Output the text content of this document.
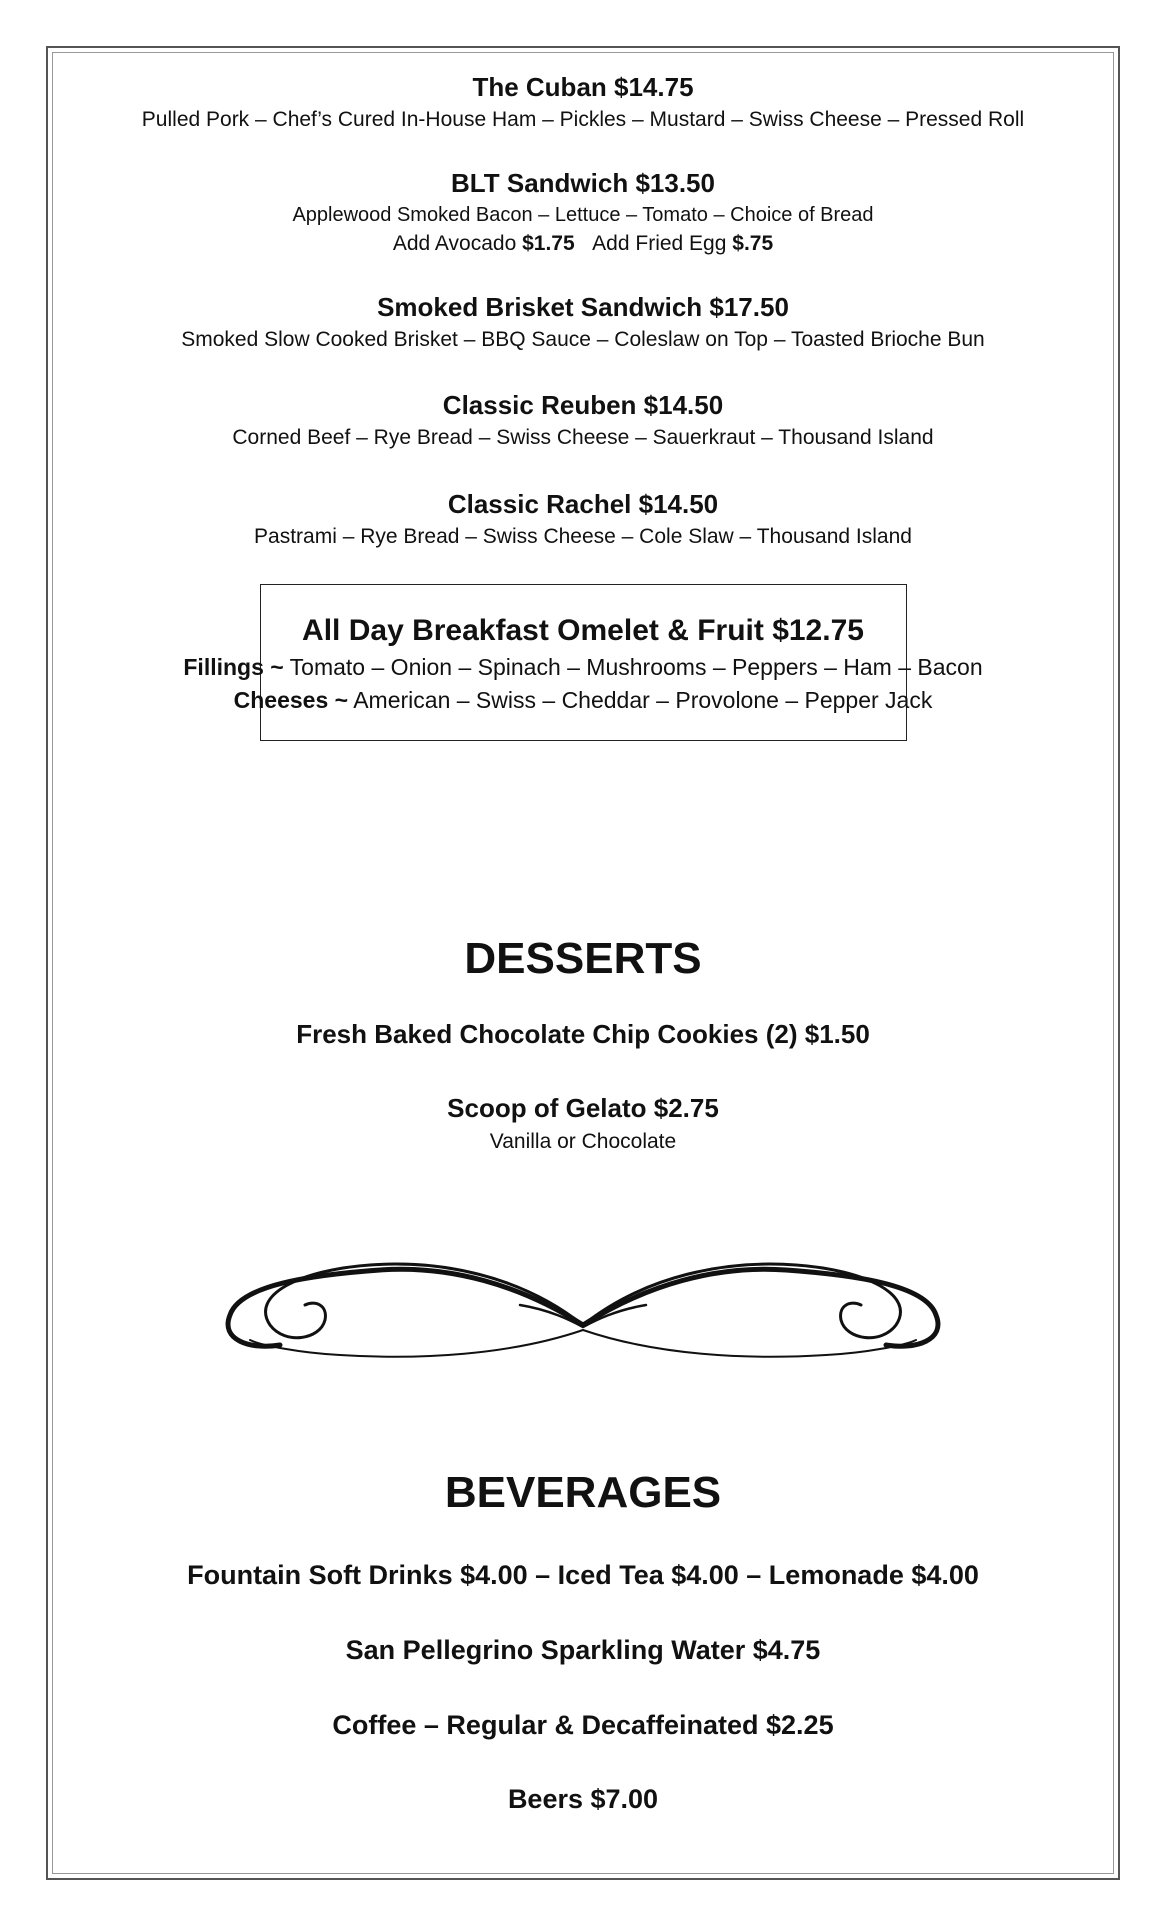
The Cuban $14.75
Pulled Pork – Chef’s Cured In-House Ham – Pickles – Mustard – Swiss Cheese – Pressed Roll
BLT Sandwich $13.50
Applewood Smoked Bacon – Lettuce – Tomato – Choice of Bread
Add Avocado $1.75 Add Fried Egg $.75
Smoked Brisket Sandwich $17.50
Smoked Slow Cooked Brisket – BBQ Sauce – Coleslaw on Top – Toasted Brioche Bun
Classic Reuben $14.50
Corned Beef – Rye Bread – Swiss Cheese – Sauerkraut – Thousand Island
Classic Rachel $14.50
Pastrami – Rye Bread – Swiss Cheese – Cole Slaw – Thousand Island
All Day Breakfast Omelet & Fruit $12.75
Fillings ~ Tomato – Onion – Spinach – Mushrooms – Peppers – Ham – Bacon
Cheeses ~ American – Swiss – Cheddar – Provolone – Pepper Jack
DESSERTS
Fresh Baked Chocolate Chip Cookies (2) $1.50
Scoop of Gelato $2.75
Vanilla or Chocolate
BEVERAGES
Fountain Soft Drinks $4.00 – Iced Tea $4.00 – Lemonade $4.00
San Pellegrino Sparkling Water $4.75
Coffee – Regular & Decaffeinated $2.25
Beers $7.00
